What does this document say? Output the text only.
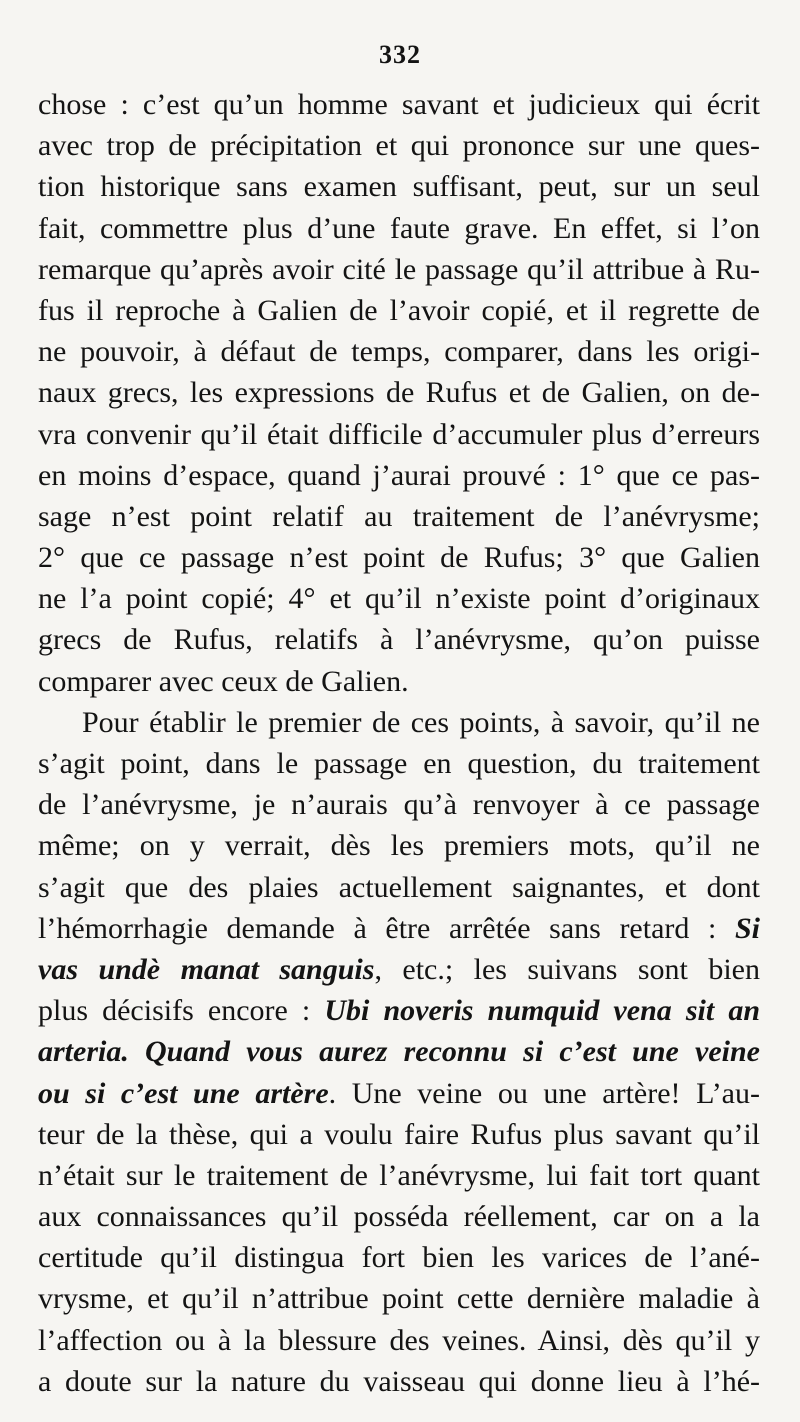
332
chose : c’est qu’un homme savant et judicieux qui écrit
avec trop de précipitation et qui prononce sur une ques-
tion historique sans examen suffisant, peut, sur un seul
fait, commettre plus d’une faute grave. En effet, si l’on
remarque qu’après avoir cité le passage qu’il attribue à Ru-
fus il reproche à Galien de l’avoir copié, et il regrette de
ne pouvoir, à défaut de temps, comparer, dans les origi-
naux grecs, les expressions de Rufus et de Galien, on de-
vra convenir qu’il était difficile d’accumuler plus d’erreurs
en moins d’espace, quand j’aurai prouvé : 1° que ce pas-
sage n’est point relatif au traitement de l’anévrysme;
2° que ce passage n’est point de Rufus; 3° que Galien
ne l’a point copié; 4° et qu’il n’existe point d’originaux
grecs de Rufus, relatifs à l’anévrysme, qu’on puisse
comparer avec ceux de Galien.
Pour établir le premier de ces points, à savoir, qu’il ne
s’agit point, dans le passage en question, du traitement
de l’anévrysme, je n’aurais qu’à renvoyer à ce passage
même; on y verrait, dès les premiers mots, qu’il ne
s’agit que des plaies actuellement saignantes, et dont
l’hémorrhagie demande à être arrêtée sans retard : Si
vas undè manat sanguis, etc.; les suivans sont bien
plus décisifs encore : Ubi noveris numquid vena sit an
arteria. Quand vous aurez reconnu si c’est une veine
ou si c’est une artère. Une veine ou une artère! L’au-
teur de la thèse, qui a voulu faire Rufus plus savant qu’il
n’était sur le traitement de l’anévrysme, lui fait tort quant
aux connaissances qu’il posséda réellement, car on a la
certitude qu’il distingua fort bien les varices de l’ané-
vrysme, et qu’il n’attribue point cette dernière maladie à
l’affection ou à la blessure des veines. Ainsi, dès qu’il y
a doute sur la nature du vaisseau qui donne lieu à l’hé-
